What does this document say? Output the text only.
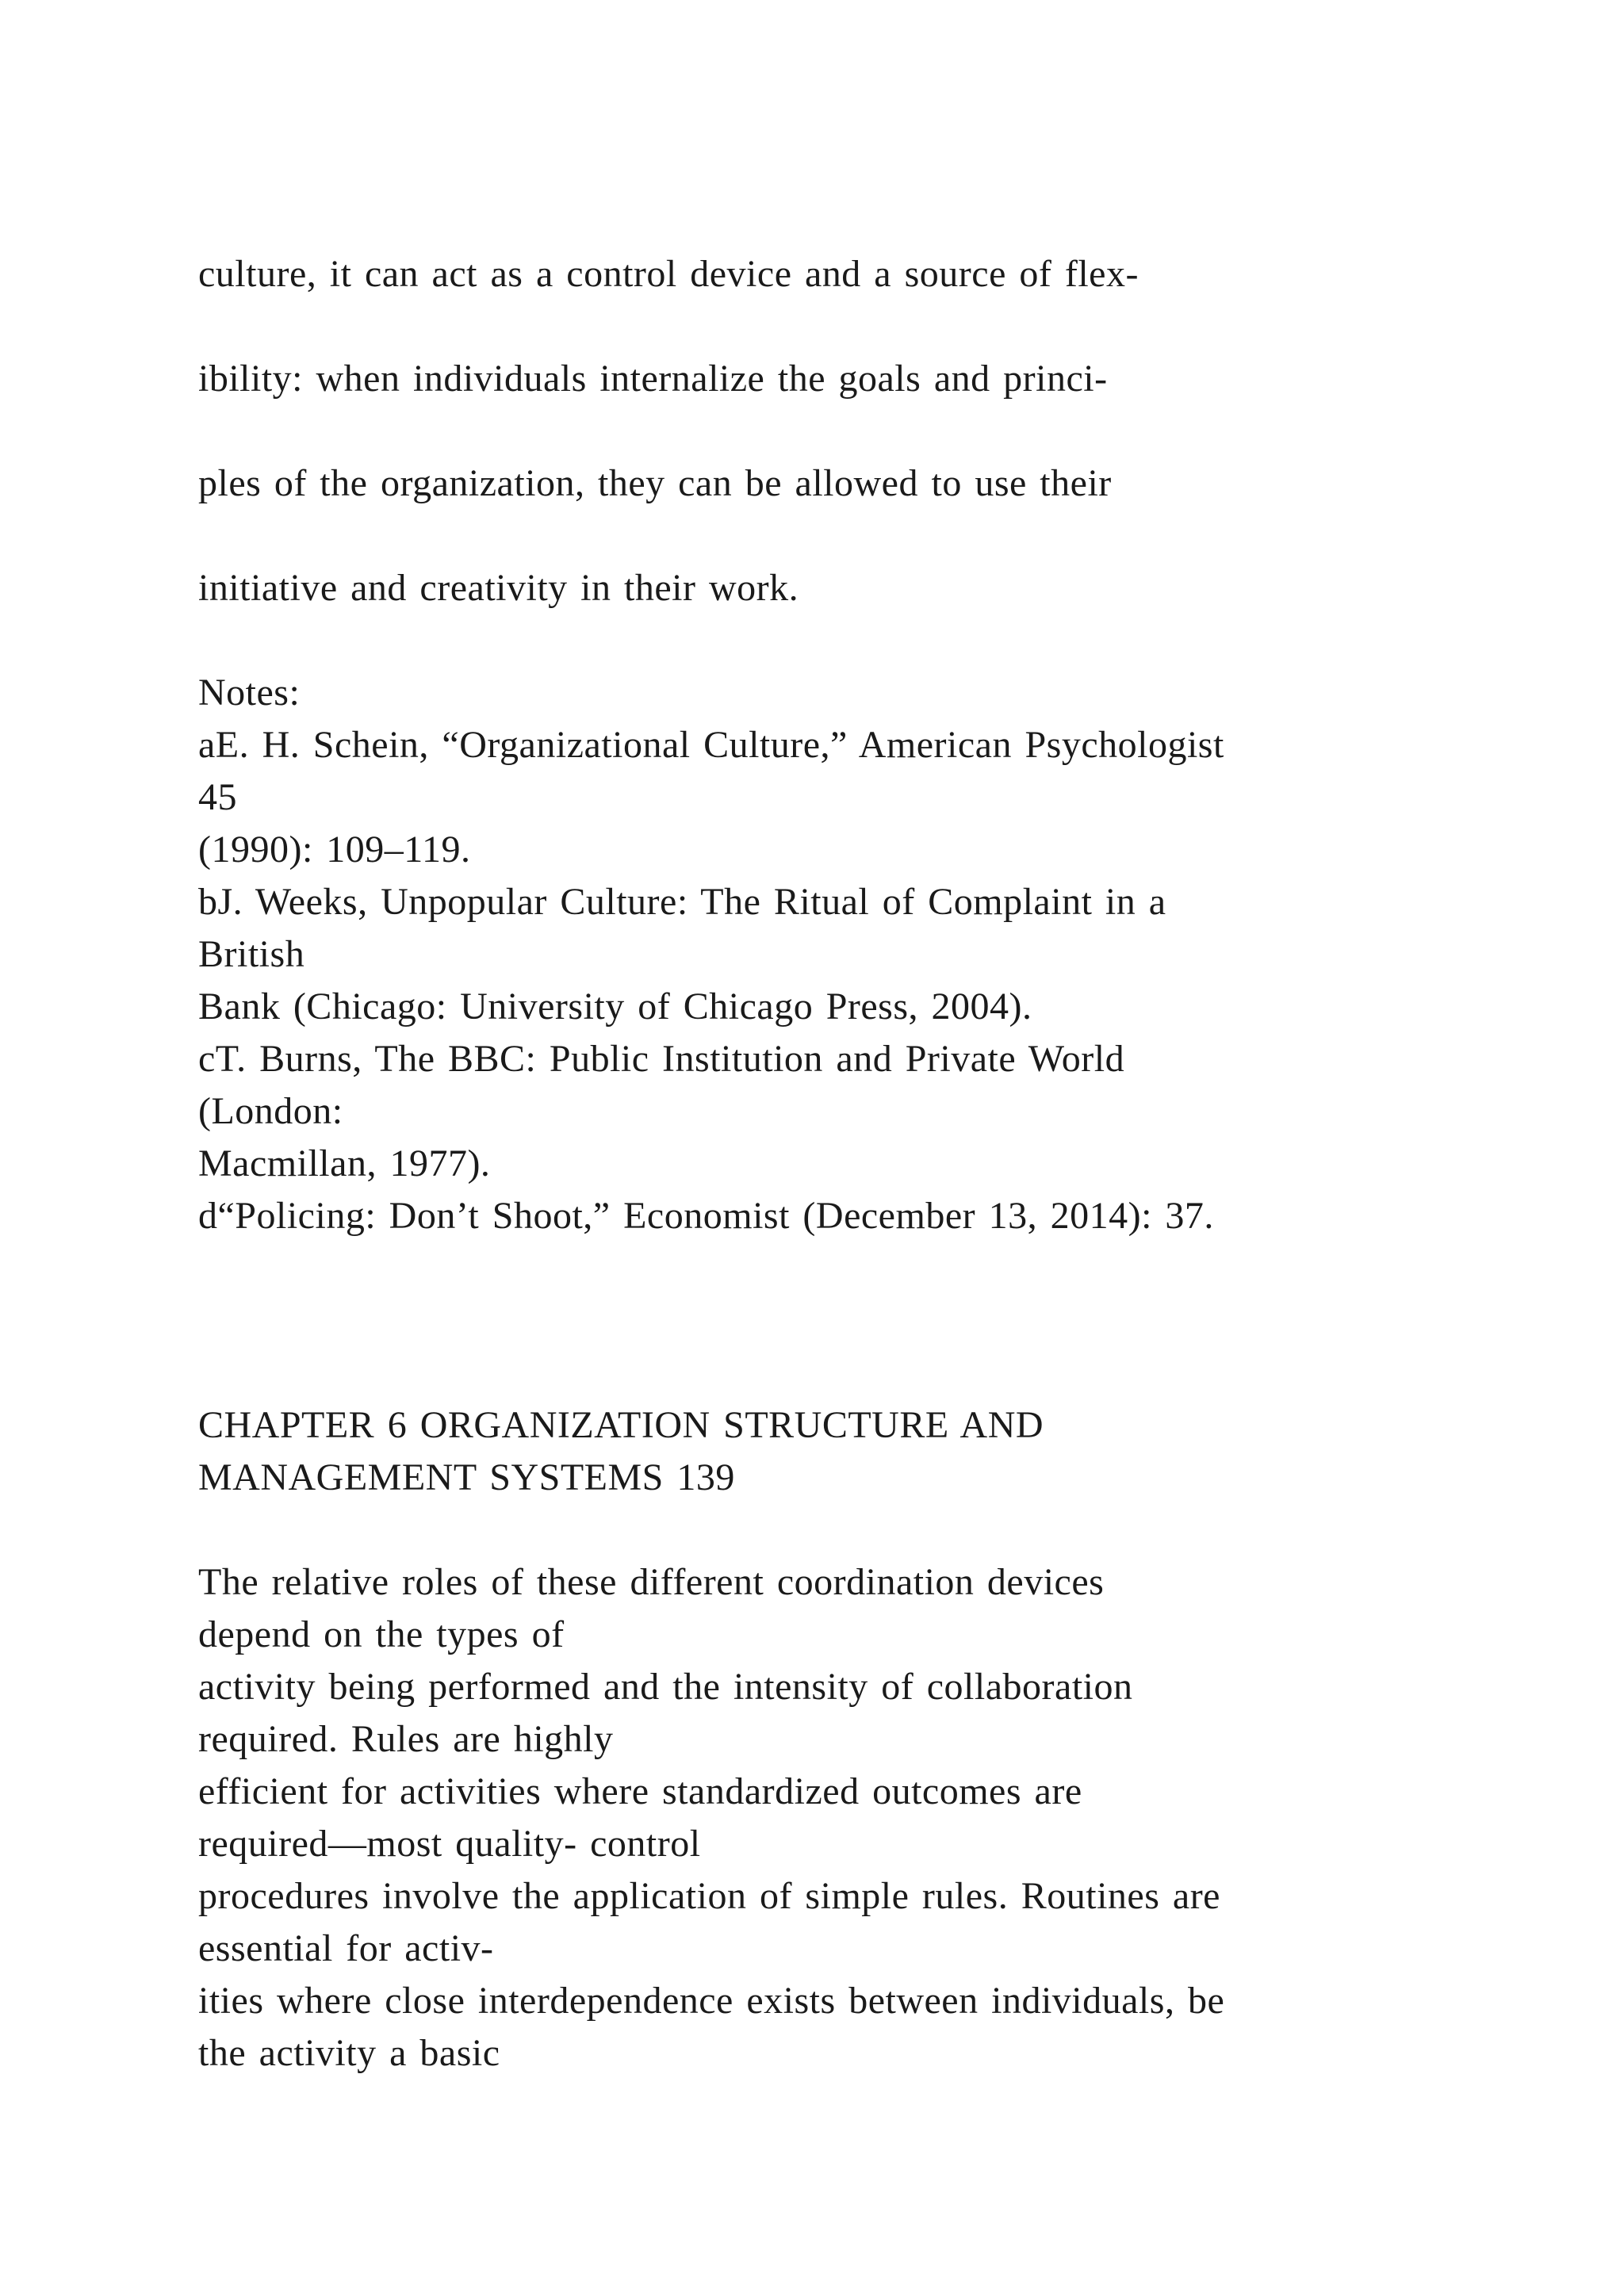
culture, it can act as a control device and a source of flex-
ibility: when individuals internalize the goals and princi-
ples of the organization, they can be allowed to use their
initiative and creativity in their work.
Notes:
aE. H. Schein, “Organizational Culture,” American Psychologist
45
(1990): 109–119.
bJ. Weeks, Unpopular Culture: The Ritual of Complaint in a
British
Bank (Chicago: University of Chicago Press, 2004).
cT. Burns, The BBC: Public Institution and Private World
(London:
Macmillan, 1977).
d“Policing: Don’t Shoot,” Economist (December 13, 2014): 37.
CHAPTER 6 ORGANIZATION STRUCTURE AND
MANAGEMENT SYSTEMS 139
The relative roles of these different coordination devices
depend on the types of
activity being performed and the intensity of collaboration
required. Rules are highly
efficient for activities where standardized outcomes are
required—most quality- control
procedures involve the application of simple rules. Routines are
essential for activ-
ities where close interdependence exists between individuals, be
the activity a basic
